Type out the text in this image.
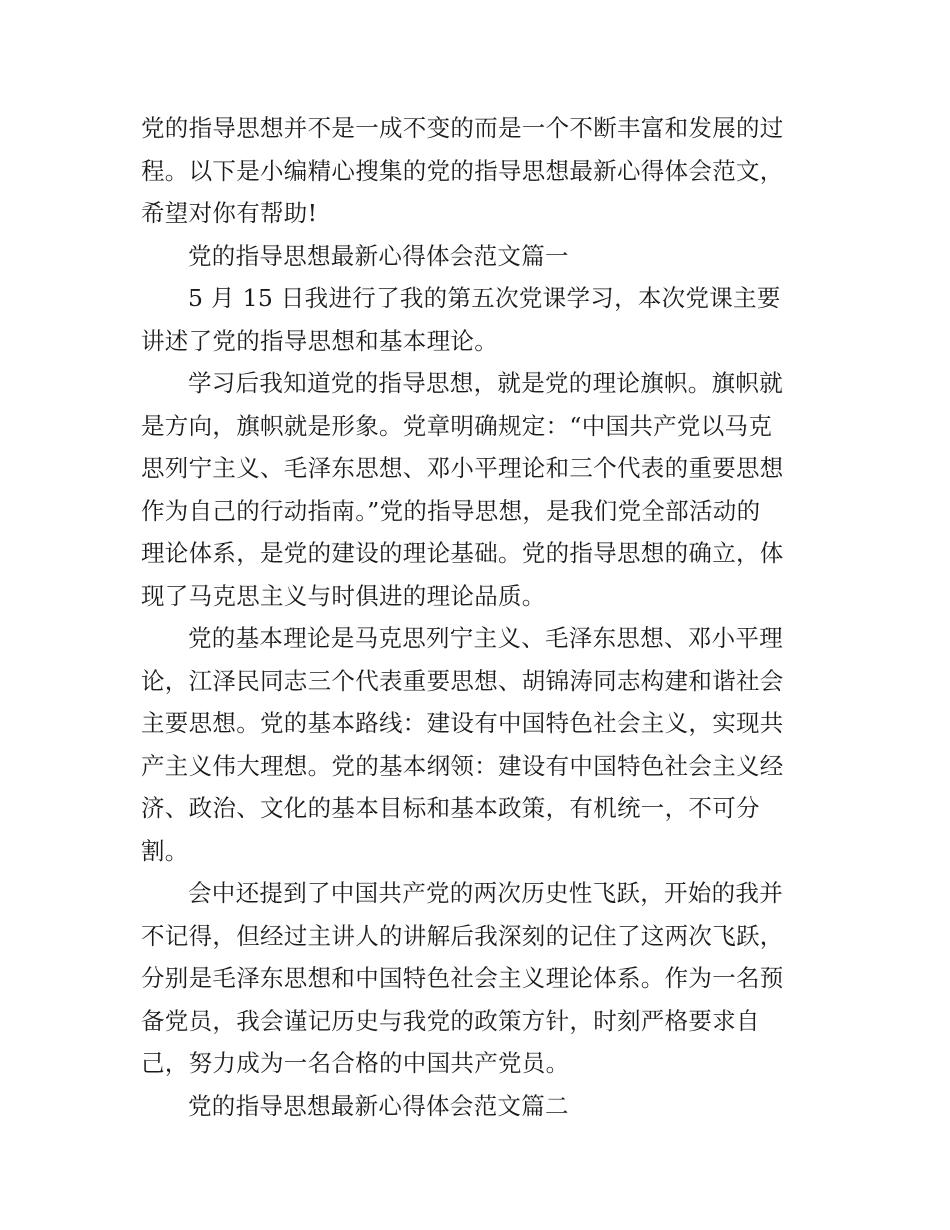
党的指导思想并不是一成不变的而是一个不断丰富和发展的过

程。以下是小编精心搜集的党的指导思想最新心得体会范文，

希望对你有帮助!

党的指导思想最新心得体会范文篇一

5 月 15 日我进行了我的第五次党课学习，本次党课主要

讲述了党的指导思想和基本理论。

学习后我知道党的指导思想，就是党的理论旗帜。旗帜就

是方向，旗帜就是形象。党章明确规定：“中国共产党以马克

思列宁主义、毛泽东思想、邓小平理论和三个代表的重要思想

作为自己的行动指南。”党的指导思想，是我们党全部活动的

理论体系，是党的建设的理论基础。党的指导思想的确立，体

现了马克思主义与时俱进的理论品质。

党的基本理论是马克思列宁主义、毛泽东思想、邓小平理

论，江泽民同志三个代表重要思想、胡锦涛同志构建和谐社会

主要思想。党的基本路线：建设有中国特色社会主义，实现共

产主义伟大理想。党的基本纲领：建设有中国特色社会主义经

济、政治、文化的基本目标和基本政策，有机统一，不可分

割。

会中还提到了中国共产党的两次历史性飞跃，开始的我并

不记得，但经过主讲人的讲解后我深刻的记住了这两次飞跃，

分别是毛泽东思想和中国特色社会主义理论体系。作为一名预

备党员，我会谨记历史与我党的政策方针，时刻严格要求自

己，努力成为一名合格的中国共产党员。

党的指导思想最新心得体会范文篇二
